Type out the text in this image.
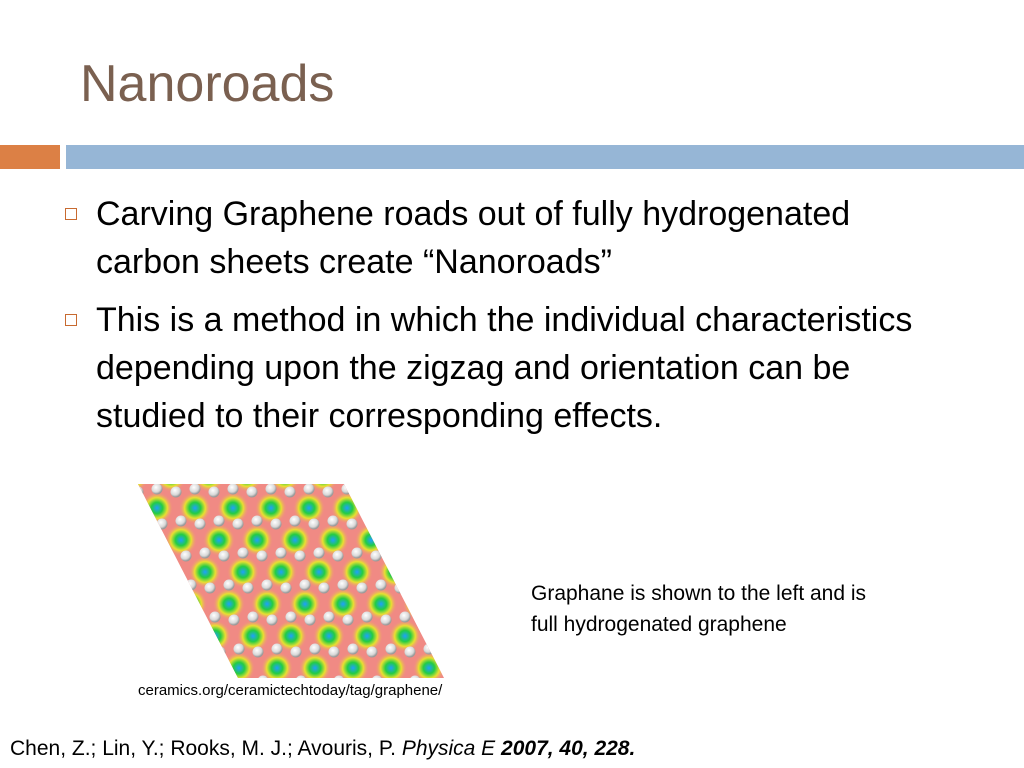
Nanoroads
Carving Graphene roads out of fully hydrogenated carbon sheets create “Nanoroads”
This is a method in which the individual characteristics depending upon the zigzag and orientation can be studied to their corresponding effects.
Graphane is shown to the left and is full hydrogenated graphene
ceramics.org/ceramictechtoday/tag/graphene/
Chen, Z.; Lin, Y.; Rooks, M. J.; Avouris, P. Physica E 2007, 40, 228.
